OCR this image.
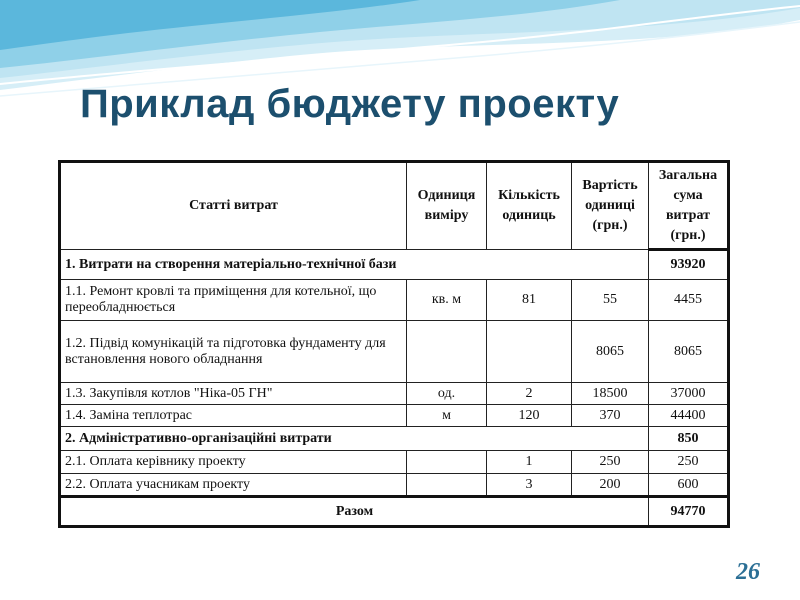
Приклад бюджету проекту
Статті витрат	Одиниця виміру	Кількість одиниць	Вартість одиниці (грн.)	Загальна сума витрат (грн.)
1. Витрати на створення матеріально-технічної бази				93920
1.1. Ремонт кровлі та приміщення для котельної, що переобладнюється	кв. м	81	55	4455
1.2. Підвід комунікацій та підготовка фундаменту для встановлення нового обладнання			8065	8065
1.3. Закупівля котлов "Ніка-05 ГН"	од.	2	18500	37000
1.4. Заміна теплотрас	м	120	370	44400
2. Адміністративно-організаційні витрати				850
2.1. Оплата керівнику проекту		1	250	250
2.2. Оплата учасникам проекту		3	200	600
Разом				94770
26
